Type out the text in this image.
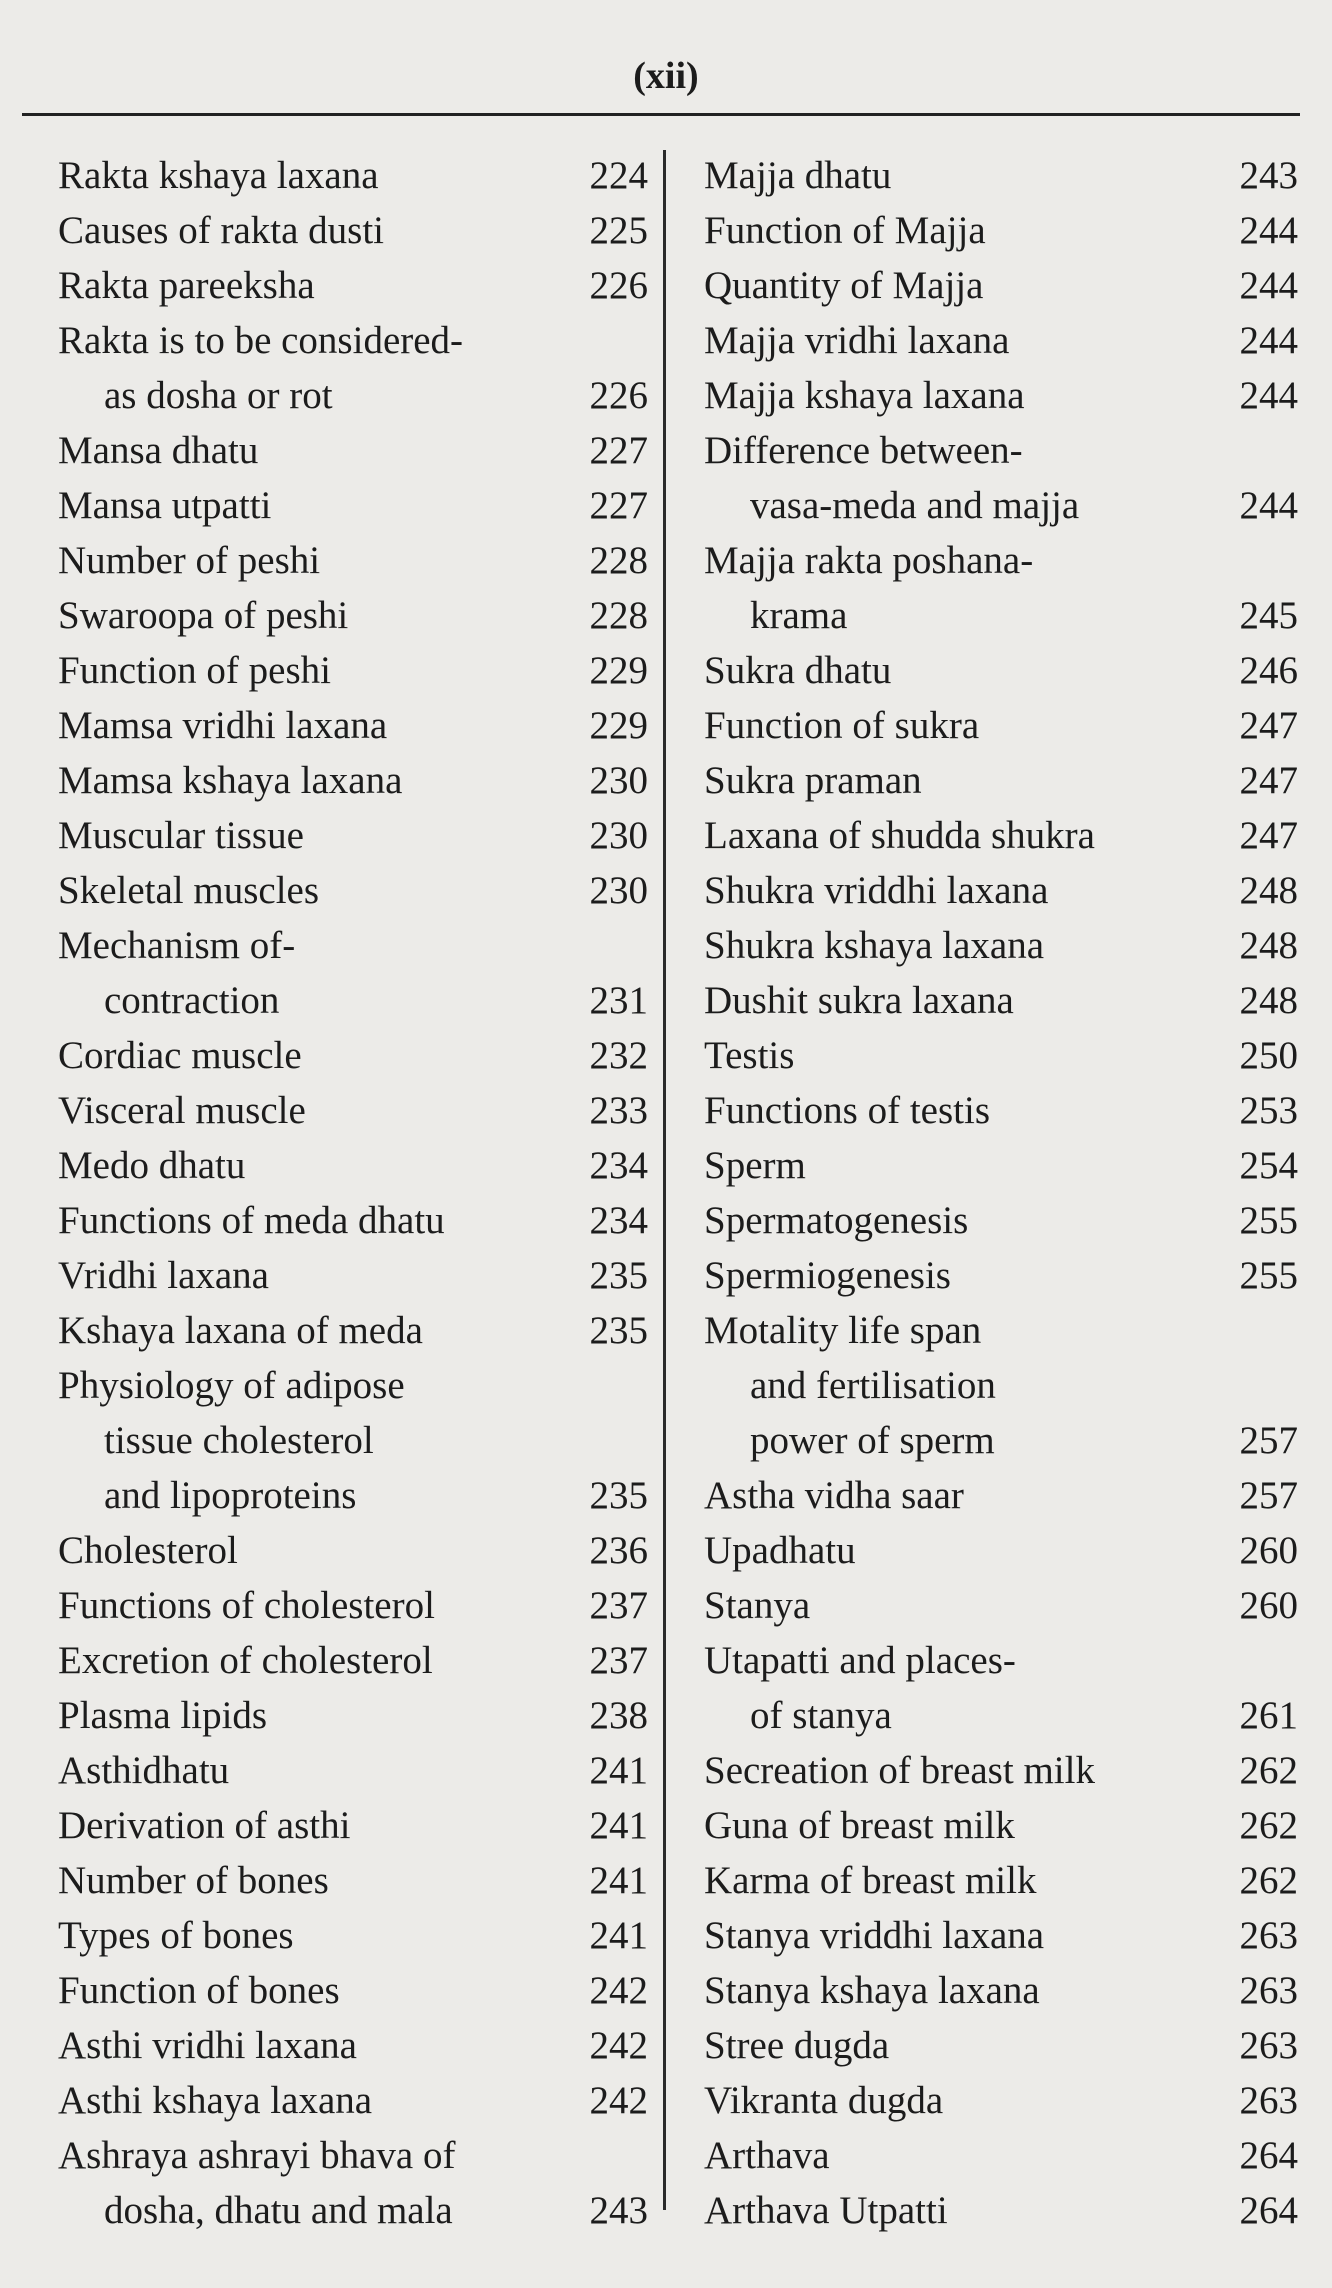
(xii)
Rakta kshaya laxana	224
Causes of rakta dusti	225
Rakta pareeksha	226
Rakta is to be considered-
as dosha or rot	226
Mansa dhatu	227
Mansa utpatti	227
Number of peshi	228
Swaroopa of peshi	228
Function of peshi	229
Mamsa vridhi laxana	229
Mamsa kshaya laxana	230
Muscular tissue	230
Skeletal muscles	230
Mechanism of-
contraction	231
Cordiac muscle	232
Visceral muscle	233
Medo dhatu	234
Functions of meda dhatu	234
Vridhi laxana	235
Kshaya laxana of meda	235
Physiology of adipose
tissue cholesterol
and lipoproteins	235
Cholesterol	236
Functions of cholesterol	237
Excretion of cholesterol	237
Plasma lipids	238
Asthidhatu	241
Derivation of asthi	241
Number of bones	241
Types of bones	241
Function of bones	242
Asthi vridhi laxana	242
Asthi kshaya laxana	242
Ashraya ashrayi bhava of
dosha, dhatu and mala	243
Majja dhatu	243
Function of Majja	244
Quantity of Majja	244
Majja vridhi laxana	244
Majja kshaya laxana	244
Difference between-
vasa-meda and majja	244
Majja rakta poshana-
krama	245
Sukra dhatu	246
Function of sukra	247
Sukra praman	247
Laxana of shudda shukra	247
Shukra vriddhi laxana	248
Shukra kshaya laxana	248
Dushit sukra laxana	248
Testis	250
Functions of testis	253
Sperm	254
Spermatogenesis	255
Spermiogenesis	255
Motality life span
and fertilisation
power of sperm	257
Astha vidha saar	257
Upadhatu	260
Stanya	260
Utapatti and places-
of stanya	261
Secreation of breast milk	262
Guna of breast milk	262
Karma of breast milk	262
Stanya vriddhi laxana	263
Stanya kshaya laxana	263
Stree dugda	263
Vikranta dugda	263
Arthava	264
Arthava Utpatti	264
